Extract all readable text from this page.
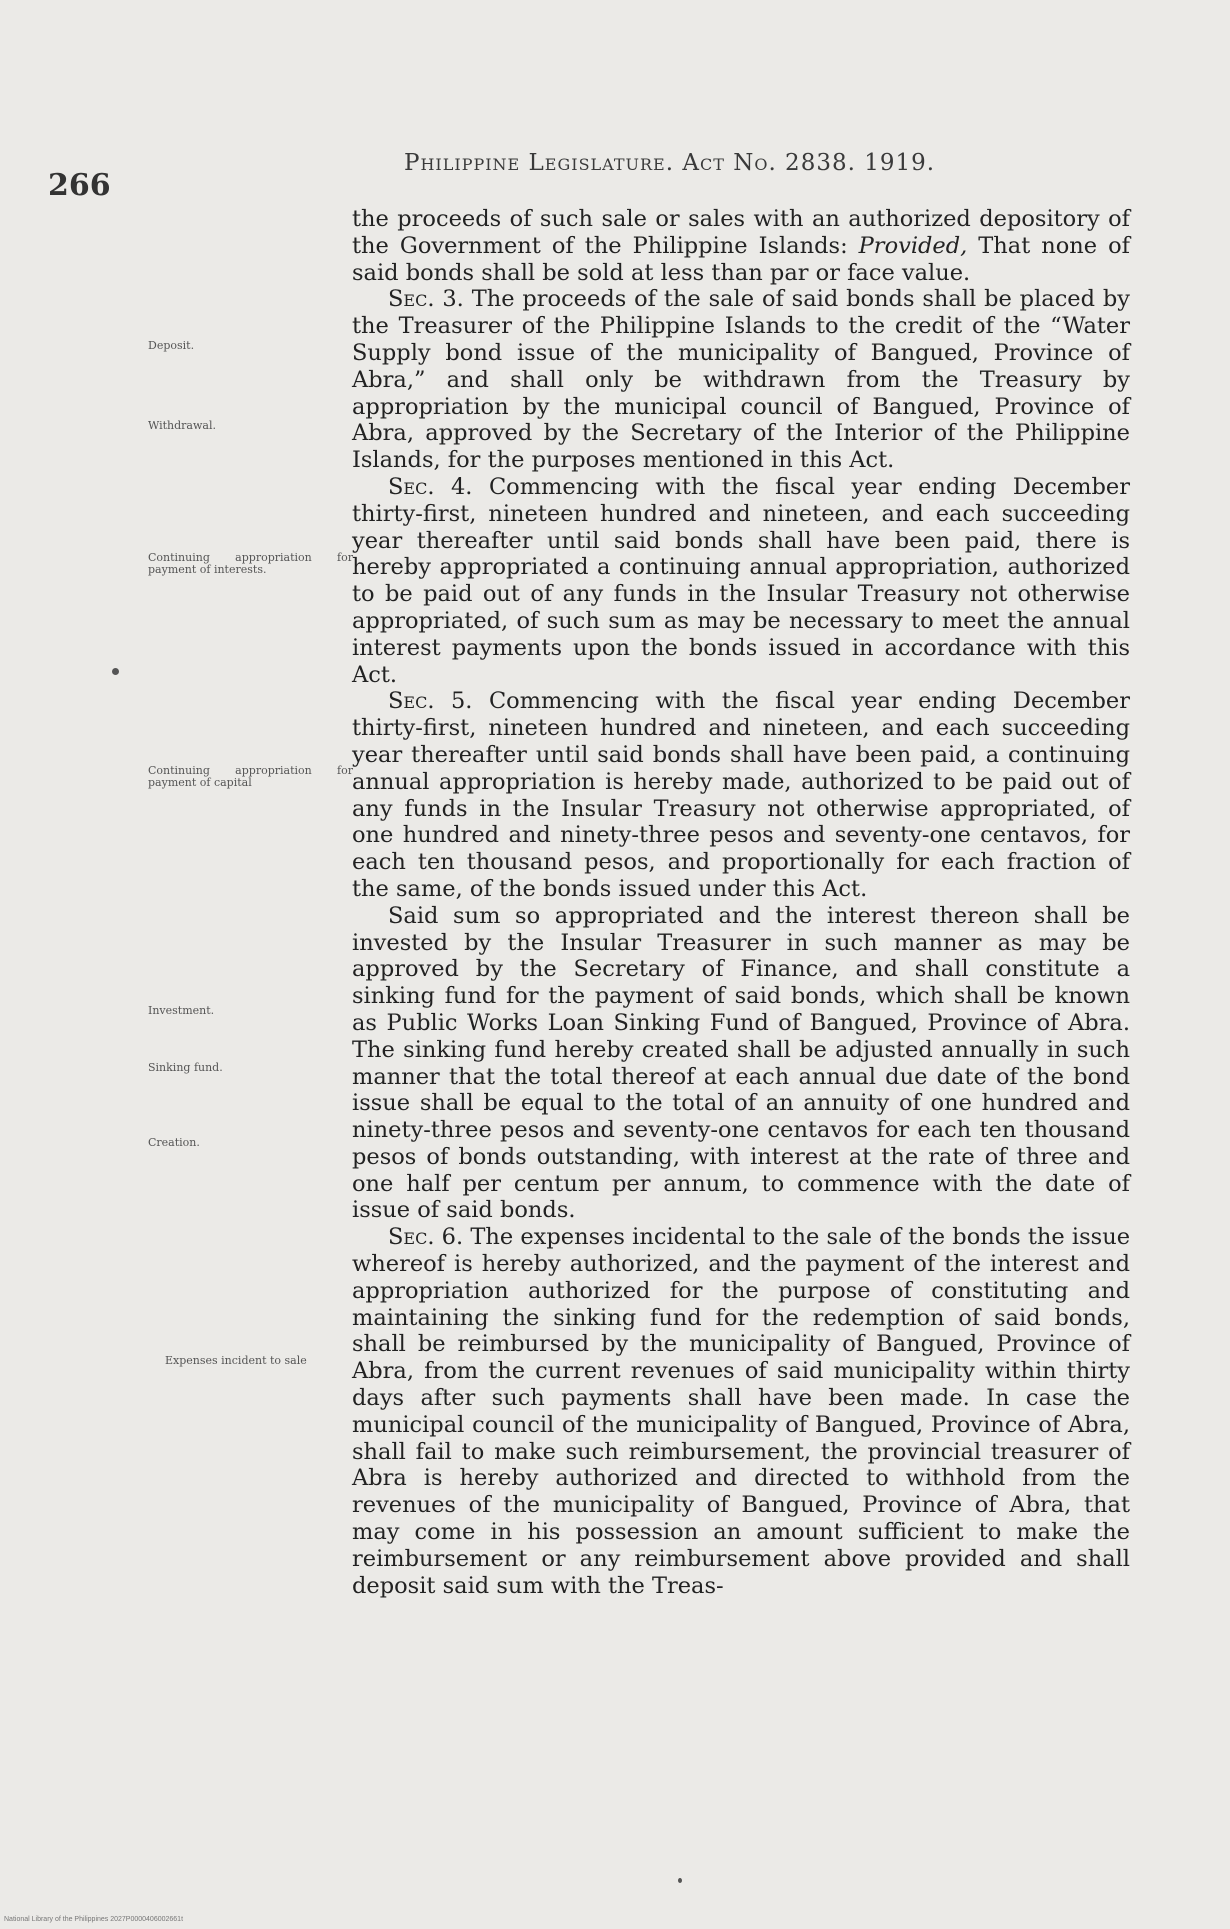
266
Philippine Legislature. Act No. 2838. 1919.
Deposit.
Withdrawal.
Continuing appropriation for payment of interests.
Continuing appropriation for payment of capital
Investment.
Sinking fund.
Creation.
Expenses incident to sale

the proceeds of such sale or sales with an authorized depository of the Government of the Philippine Islands: Provided, That none of said bonds shall be sold at less than par or face value.

Sec. 3. The proceeds of the sale of said bonds shall be placed by the Treasurer of the Philippine Islands to the credit of the “Water Supply bond issue of the municipality of Bangued, Province of Abra,” and shall only be withdrawn from the Treasury by appropriation by the municipal council of Bangued, Province of Abra, approved by the Secretary of the Interior of the Philippine Islands, for the purposes mentioned in this Act.

Sec. 4. Commencing with the fiscal year ending December thirty-first, nineteen hundred and nineteen, and each succeeding year thereafter until said bonds shall have been paid, there is hereby appropriated a continuing annual appropriation, authorized to be paid out of any funds in the Insular Treasury not otherwise appropriated, of such sum as may be necessary to meet the annual interest payments upon the bonds issued in accordance with this Act.

Sec. 5. Commencing with the fiscal year ending December thirty-first, nineteen hundred and nineteen, and each succeeding year thereafter until said bonds shall have been paid, a continuing annual appropriation is hereby made, authorized to be paid out of any funds in the Insular Treasury not otherwise appropriated, of one hundred and ninety-three pesos and seventy-one centavos, for each ten thousand pesos, and proportionally for each fraction of the same, of the bonds issued under this Act.

Said sum so appropriated and the interest thereon shall be invested by the Insular Treasurer in such manner as may be approved by the Secretary of Finance, and shall constitute a sinking fund for the payment of said bonds, which shall be known as Public Works Loan Sinking Fund of Bangued, Province of Abra. The sinking fund hereby created shall be adjusted annually in such manner that the total thereof at each annual due date of the bond issue shall be equal to the total of an annuity of one hundred and ninety-three pesos and seventy-one centavos for each ten thousand pesos of bonds outstanding, with interest at the rate of three and one half per centum per annum, to commence with the date of issue of said bonds.

Sec. 6. The expenses incidental to the sale of the bonds the issue whereof is hereby authorized, and the payment of the interest and appropriation authorized for the purpose of constituting and maintaining the sinking fund for the redemption of said bonds, shall be reimbursed by the municipality of Bangued, Province of Abra, from the current revenues of said municipality within thirty days after such payments shall have been made. In case the municipal council of the municipality of Bangued, Province of Abra, shall fail to make such reimbursement, the provincial treasurer of Abra is hereby authorized and directed to withhold from the revenues of the municipality of Bangued, Province of Abra, that may come in his possession an amount sufficient to make the reimbursement or any reimbursement above provided and shall deposit said sum with the Treas-

National Library of the Philippines 2027P0000406002661t
